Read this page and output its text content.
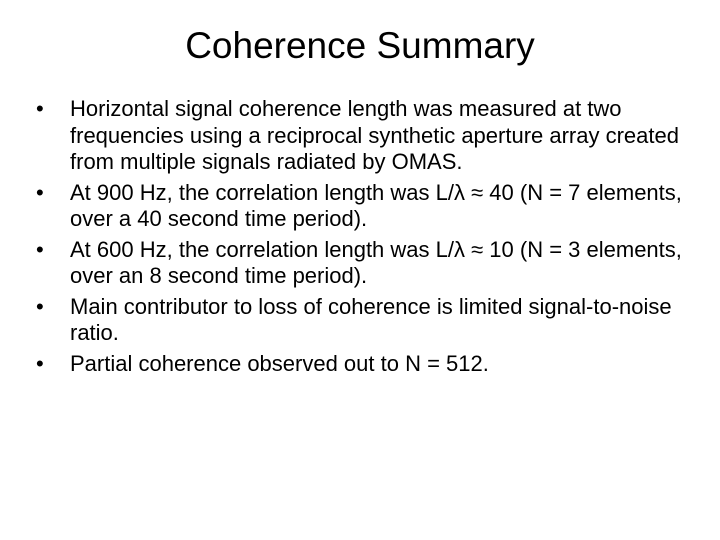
Coherence Summary
•	Horizontal signal coherence length was measured at two frequencies using a reciprocal synthetic aperture array created from multiple signals radiated by OMAS.
•	At 900 Hz, the correlation length was L/λ ≈ 40 (N = 7 elements, over a 40 second time period).
•	At 600 Hz, the correlation length was L/λ ≈ 10 (N = 3 elements, over an 8 second time period).
•	Main contributor to loss of coherence is limited signal-to-noise ratio.
•	Partial coherence observed out to N = 512.
